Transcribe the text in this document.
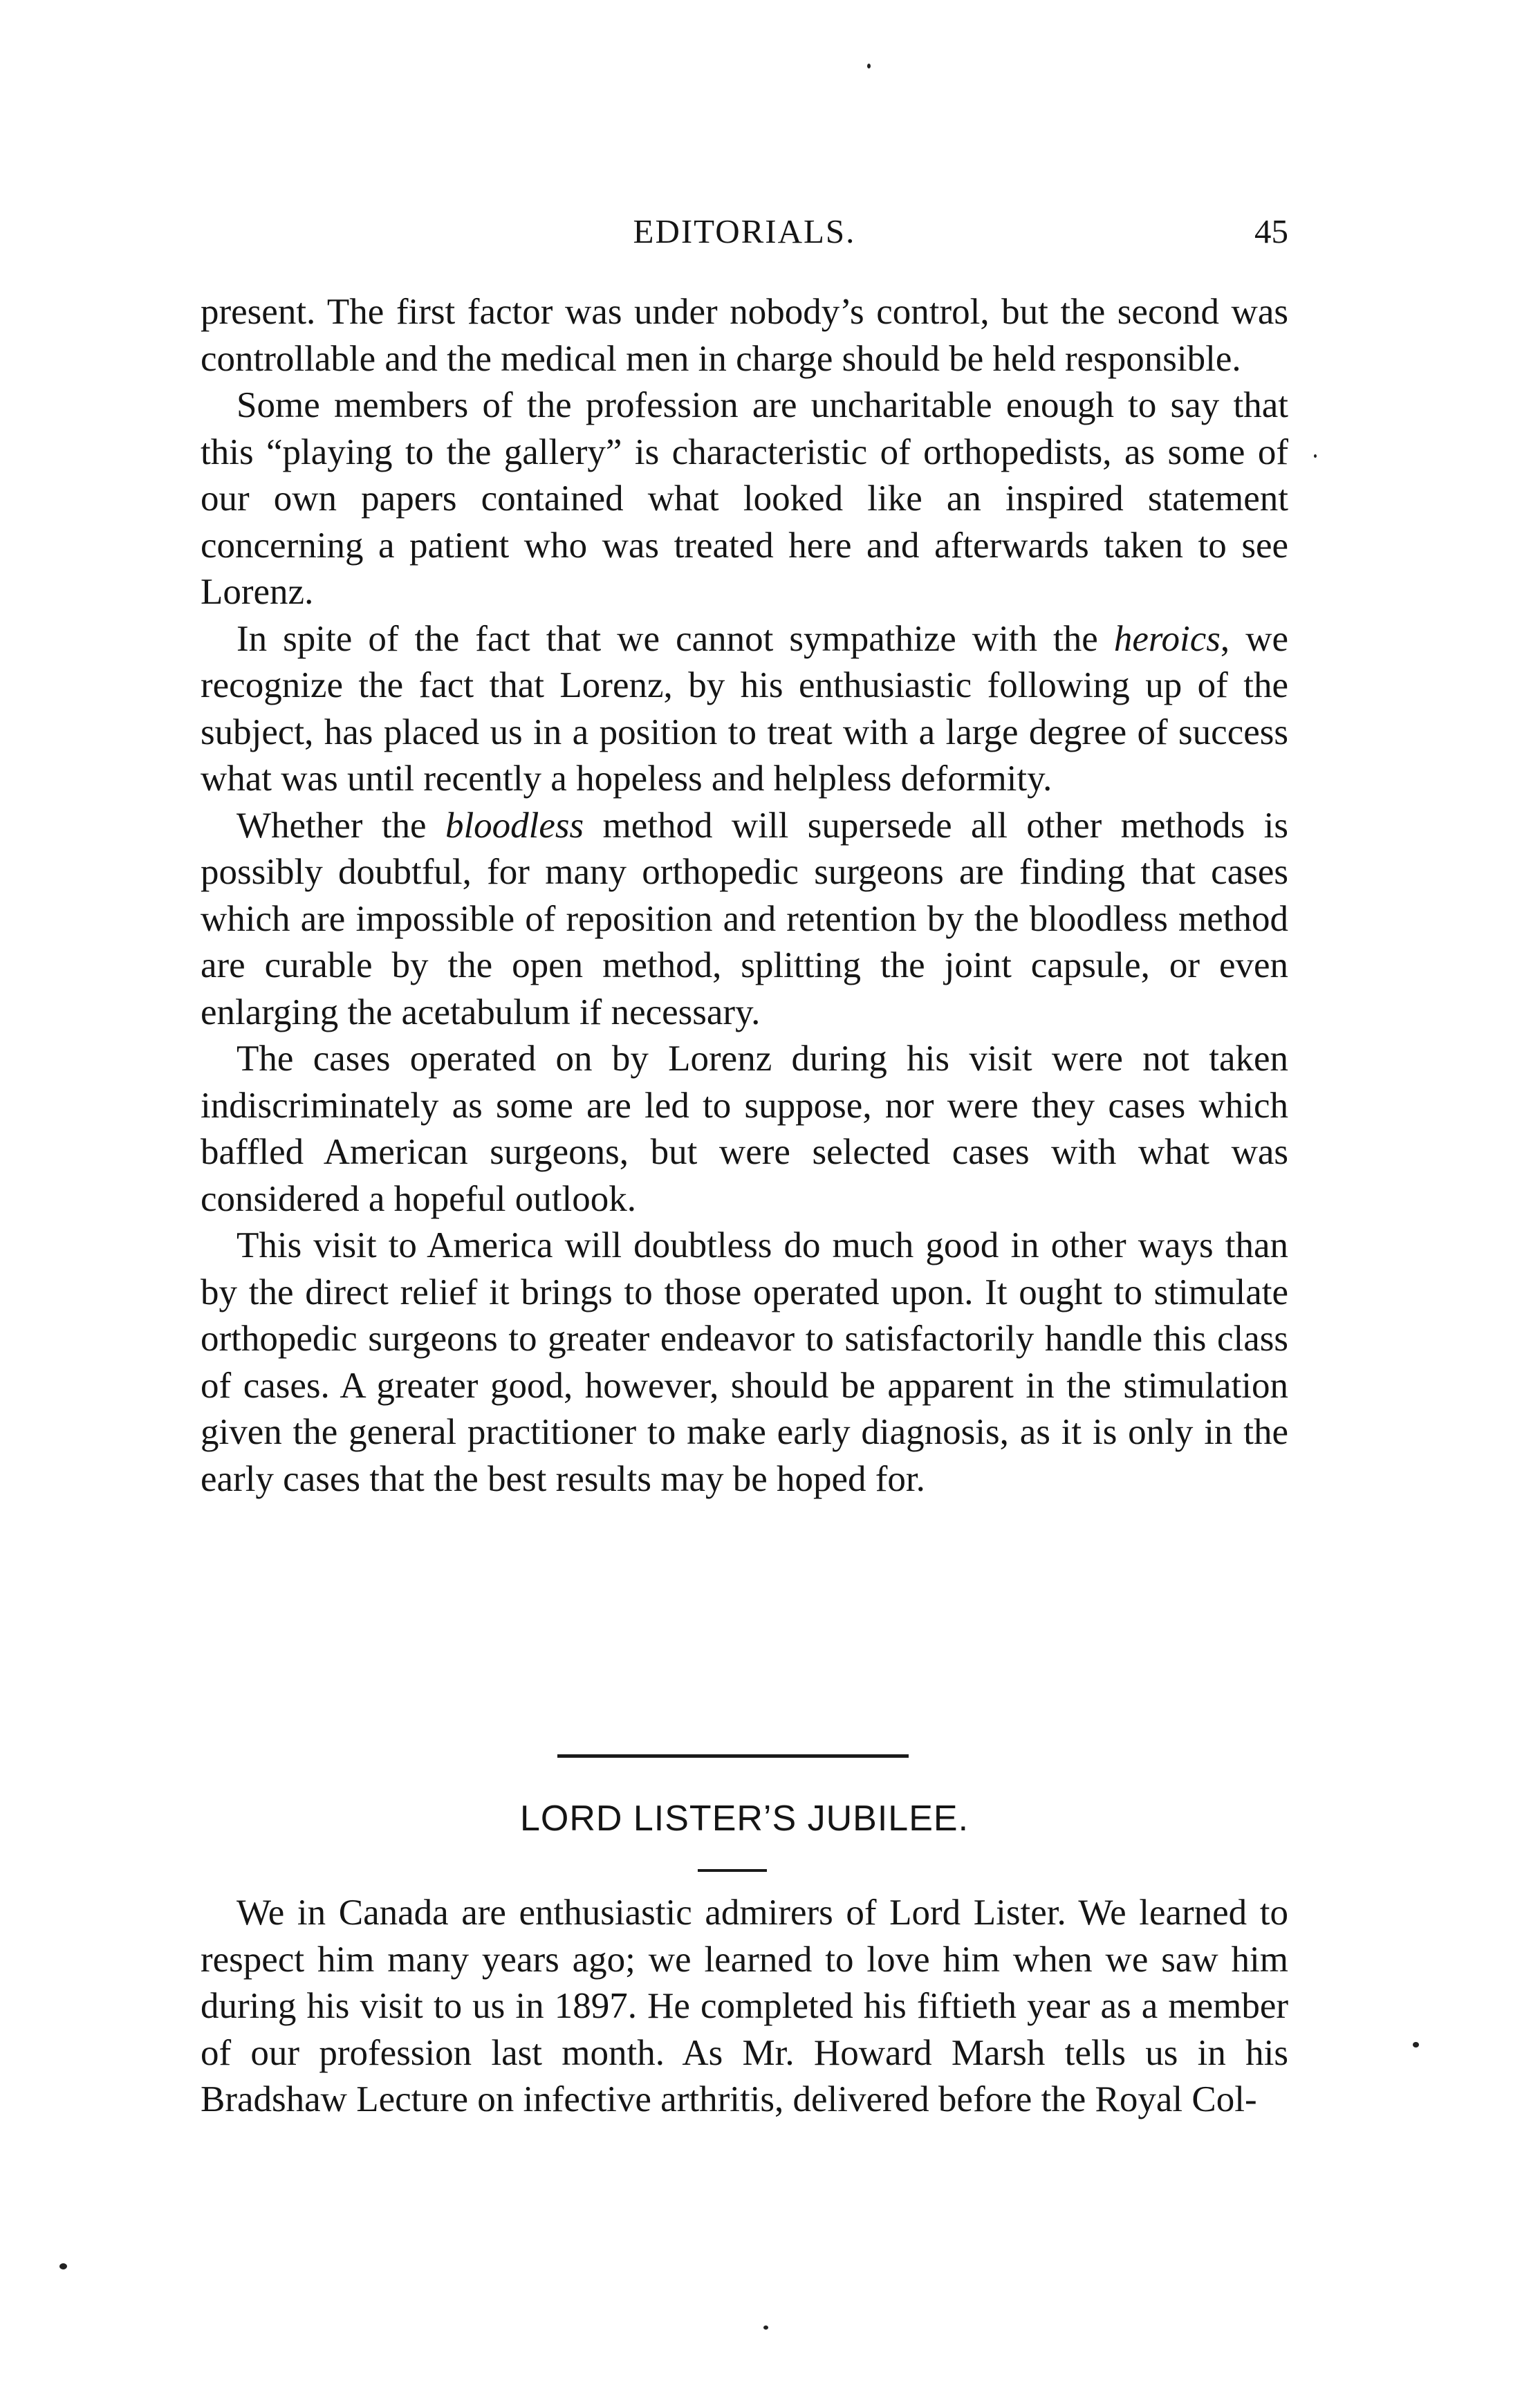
EDITORIALS.	45

present. The first factor was under nobody’s control, but the second was controllable and the medical men in charge should be held responsible.

Some members of the profession are uncharitable enough to say that this “playing to the gallery” is characteristic of orthopedists, as some of our own papers contained what looked like an inspired statement concerning a patient who was treated here and afterwards taken to see Lorenz.

In spite of the fact that we cannot sympathize with the heroics, we recognize the fact that Lorenz, by his enthusiastic following up of the subject, has placed us in a position to treat with a large degree of success what was until recently a hopeless and helpless deformity.

Whether the bloodless method will supersede all other methods is possibly doubtful, for many orthopedic surgeons are finding that cases which are impossible of reposition and retention by the bloodless method are curable by the open method, splitting the joint capsule, or even enlarging the acetabulum if necessary.

The cases operated on by Lorenz during his visit were not taken indiscriminately as some are led to suppose, nor were they cases which baffled American surgeons, but were selected cases with what was considered a hopeful outlook.

This visit to America will doubtless do much good in other ways than by the direct relief it brings to those operated upon. It ought to stimulate orthopedic surgeons to greater endeavor to satisfactorily handle this class of cases. A greater good, however, should be apparent in the stimulation given the general practitioner to make early diagnosis, as it is only in the early cases that the best results may be hoped for.

LORD LISTER’S JUBILEE.

We in Canada are enthusiastic admirers of Lord Lister. We learned to respect him many years ago; we learned to love him when we saw him during his visit to us in 1897. He completed his fiftieth year as a member of our profession last month. As Mr. Howard Marsh tells us in his Bradshaw Lecture on infective arthritis, delivered before the Royal Col-
